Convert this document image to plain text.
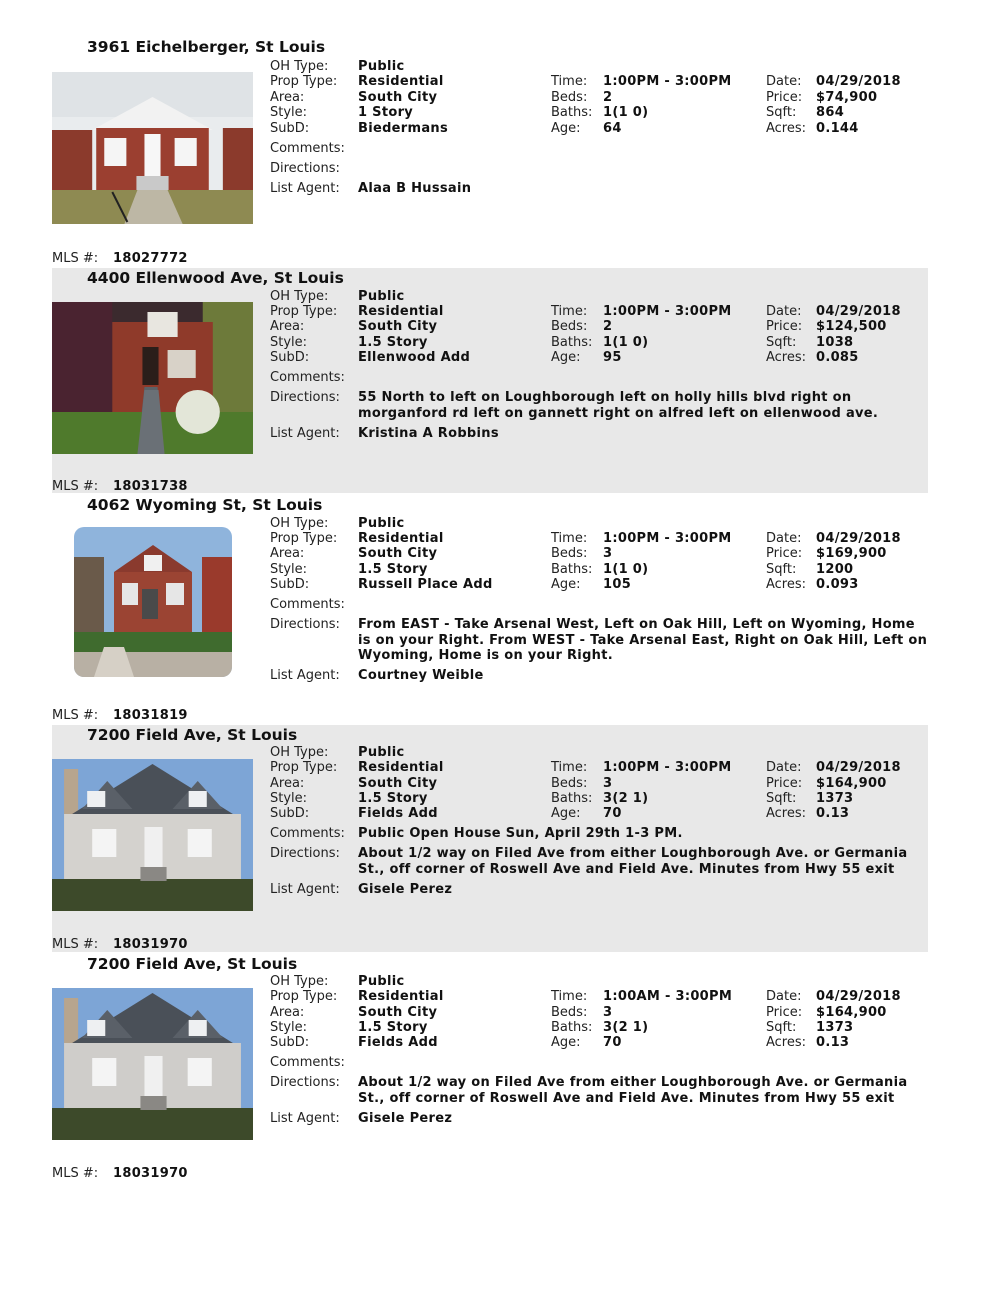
3961 Eichelberger, St Louis
OH Type: Public
Prop Type: Residential
Area:	South City
Style:	1 Story
SubD:	Biedermans
Time: 1:00PM - 3:00PM
Beds: 2
Baths: 1(1 0)
Age: 64
Date: 04/29/2018
Price: $74,900
Sqft: 864
Acres: 0.144
Comments:
Directions:
List Agent: Alaa B Hussain
MLS #: 18027772
4400 Ellenwood Ave, St Louis
OH Type: Public
Prop Type: Residential
Area:	South City
Style:	1.5 Story
SubD:	Ellenwood Add
Time: 1:00PM - 3:00PM
Beds: 2
Baths: 1(1 0)
Age: 95
Date: 04/29/2018
Price: $124,500
Sqft: 1038
Acres: 0.085
Comments:
Directions: 55 North to left on Loughborough left on holly hills blvd right on morganford rd left on gannett right on alfred left on ellenwood ave.
List Agent: Kristina A Robbins
MLS #: 18031738
4062 Wyoming St, St Louis
OH Type: Public
Prop Type: Residential
Area:	South City
Style:	1.5 Story
SubD:	Russell Place Add
Time: 1:00PM - 3:00PM
Beds: 3
Baths: 1(1 0)
Age: 105
Date: 04/29/2018
Price: $169,900
Sqft: 1200
Acres: 0.093
Comments:
Directions: From EAST - Take Arsenal West, Left on Oak Hill, Left on Wyoming, Home is on your Right. From WEST - Take Arsenal East, Right on Oak Hill, Left on Wyoming, Home is on your Right.
List Agent: Courtney Weible
MLS #: 18031819
7200 Field Ave, St Louis
OH Type: Public
Prop Type: Residential
Area:	South City
Style:	1.5 Story
SubD:	Fields Add
Time: 1:00PM - 3:00PM
Beds: 3
Baths: 3(2 1)
Age: 70
Date: 04/29/2018
Price: $164,900
Sqft: 1373
Acres: 0.13
Comments: Public Open House Sun, April 29th 1-3 PM.
Directions: About 1/2 way on Filed Ave from either Loughborough Ave. or Germania St., off corner of Roswell Ave and Field Ave. Minutes from Hwy 55 exit
List Agent: Gisele Perez
MLS #: 18031970
7200 Field Ave, St Louis
OH Type: Public
Prop Type: Residential
Area:	South City
Style:	1.5 Story
SubD:	Fields Add
Time: 1:00AM - 3:00PM
Beds: 3
Baths: 3(2 1)
Age: 70
Date: 04/29/2018
Price: $164,900
Sqft: 1373
Acres: 0.13
Comments:
Directions: About 1/2 way on Filed Ave from either Loughborough Ave. or Germania St., off corner of Roswell Ave and Field Ave. Minutes from Hwy 55 exit
List Agent: Gisele Perez
MLS #: 18031970
